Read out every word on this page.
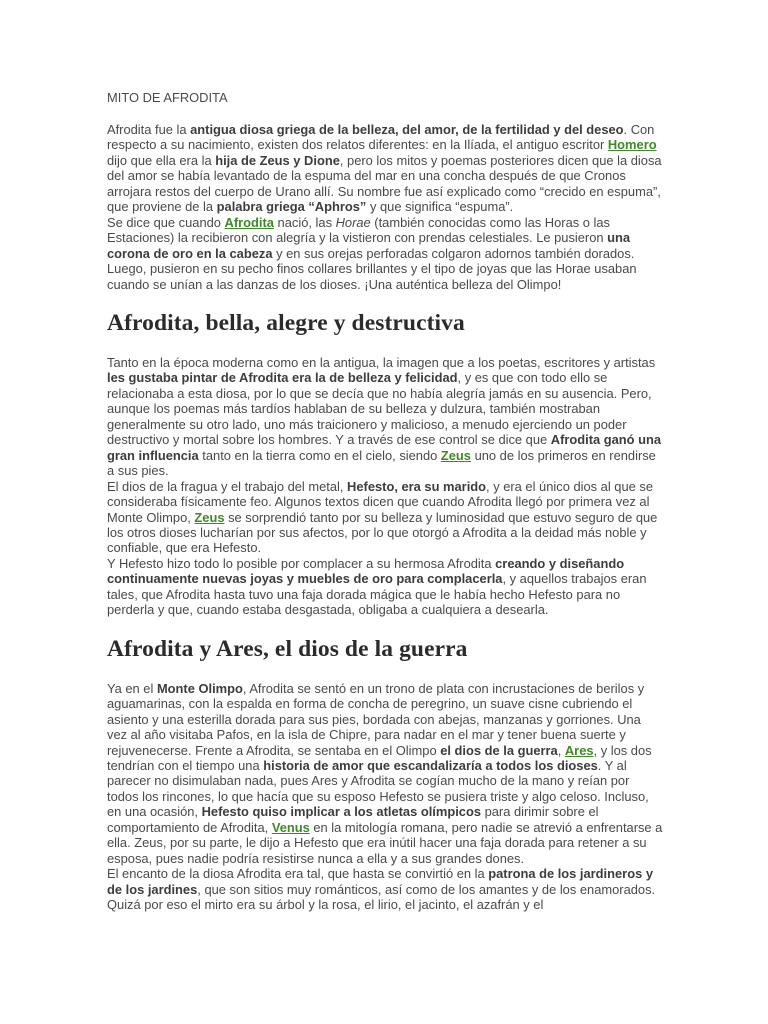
MITO DE AFRODITA

Afrodita fue la antigua diosa griega de la belleza, del amor, de la fertilidad y del deseo. Con respecto a su nacimiento, existen dos relatos diferentes: en la Ilíada, el antiguo escritor Homero dijo que ella era la hija de Zeus y Dione, pero los mitos y poemas posteriores dicen que la diosa del amor se había levantado de la espuma del mar en una concha después de que Cronos arrojara restos del cuerpo de Urano allí. Su nombre fue así explicado como “crecido en espuma”, que proviene de la palabra griega “Aphros” y que significa “espuma”.

Se dice que cuando Afrodita nació, las Horae (también conocidas como las Horas o las Estaciones) la recibieron con alegría y la vistieron con prendas celestiales. Le pusieron una corona de oro en la cabeza y en sus orejas perforadas colgaron adornos también dorados. Luego, pusieron en su pecho finos collares brillantes y el tipo de joyas que las Horae usaban cuando se unían a las danzas de los dioses. ¡Una auténtica belleza del Olimpo!

Afrodita, bella, alegre y destructiva

Tanto en la época moderna como en la antigua, la imagen que a los poetas, escritores y artistas les gustaba pintar de Afrodita era la de belleza y felicidad, y es que con todo ello se relacionaba a esta diosa, por lo que se decía que no había alegría jamás en su ausencia. Pero, aunque los poemas más tardíos hablaban de su belleza y dulzura, también mostraban generalmente su otro lado, uno más traicionero y malicioso, a menudo ejerciendo un poder destructivo y mortal sobre los hombres. Y a través de ese control se dice que Afrodita ganó una gran influencia tanto en la tierra como en el cielo, siendo Zeus uno de los primeros en rendirse a sus pies.

El dios de la fragua y el trabajo del metal, Hefesto, era su marido, y era el único dios al que se consideraba físicamente feo. Algunos textos dicen que cuando Afrodita llegó por primera vez al Monte Olimpo, Zeus se sorprendió tanto por su belleza y luminosidad que estuvo seguro de que los otros dioses lucharían por sus afectos, por lo que otorgó a Afrodita a la deidad más noble y confiable, que era Hefesto.

Y Hefesto hizo todo lo posible por complacer a su hermosa Afrodita creando y diseñando continuamente nuevas joyas y muebles de oro para complacerla, y aquellos trabajos eran tales, que Afrodita hasta tuvo una faja dorada mágica que le había hecho Hefesto para no perderla y que, cuando estaba desgastada, obligaba a cualquiera a desearla.

Afrodita y Ares, el dios de la guerra

Ya en el Monte Olimpo, Afrodita se sentó en un trono de plata con incrustaciones de berilos y aguamarinas, con la espalda en forma de concha de peregrino, un suave cisne cubriendo el asiento y una esterilla dorada para sus pies, bordada con abejas, manzanas y gorriones. Una vez al año visitaba Pafos, en la isla de Chipre, para nadar en el mar y tener buena suerte y rejuvenecerse. Frente a Afrodita, se sentaba en el Olimpo el dios de la guerra, Ares, y los dos tendrían con el tiempo una historia de amor que escandalizaría a todos los dioses. Y al parecer no disimulaban nada, pues Ares y Afrodita se cogían mucho de la mano y reían por todos los rincones, lo que hacía que su esposo Hefesto se pusiera triste y algo celoso. Incluso, en una ocasión, Hefesto quiso implicar a los atletas olímpicos para dirimir sobre el comportamiento de Afrodita, Venus en la mitología romana, pero nadie se atrevió a enfrentarse a ella. Zeus, por su parte, le dijo a Hefesto que era inútil hacer una faja dorada para retener a su esposa, pues nadie podría resistirse nunca a ella y a sus grandes dones.

El encanto de la diosa Afrodita era tal, que hasta se convirtió en la patrona de los jardineros y de los jardines, que son sitios muy románticos, así como de los amantes y de los enamorados. Quizá por eso el mirto era su árbol y la rosa, el lirio, el jacinto, el azafrán y el
